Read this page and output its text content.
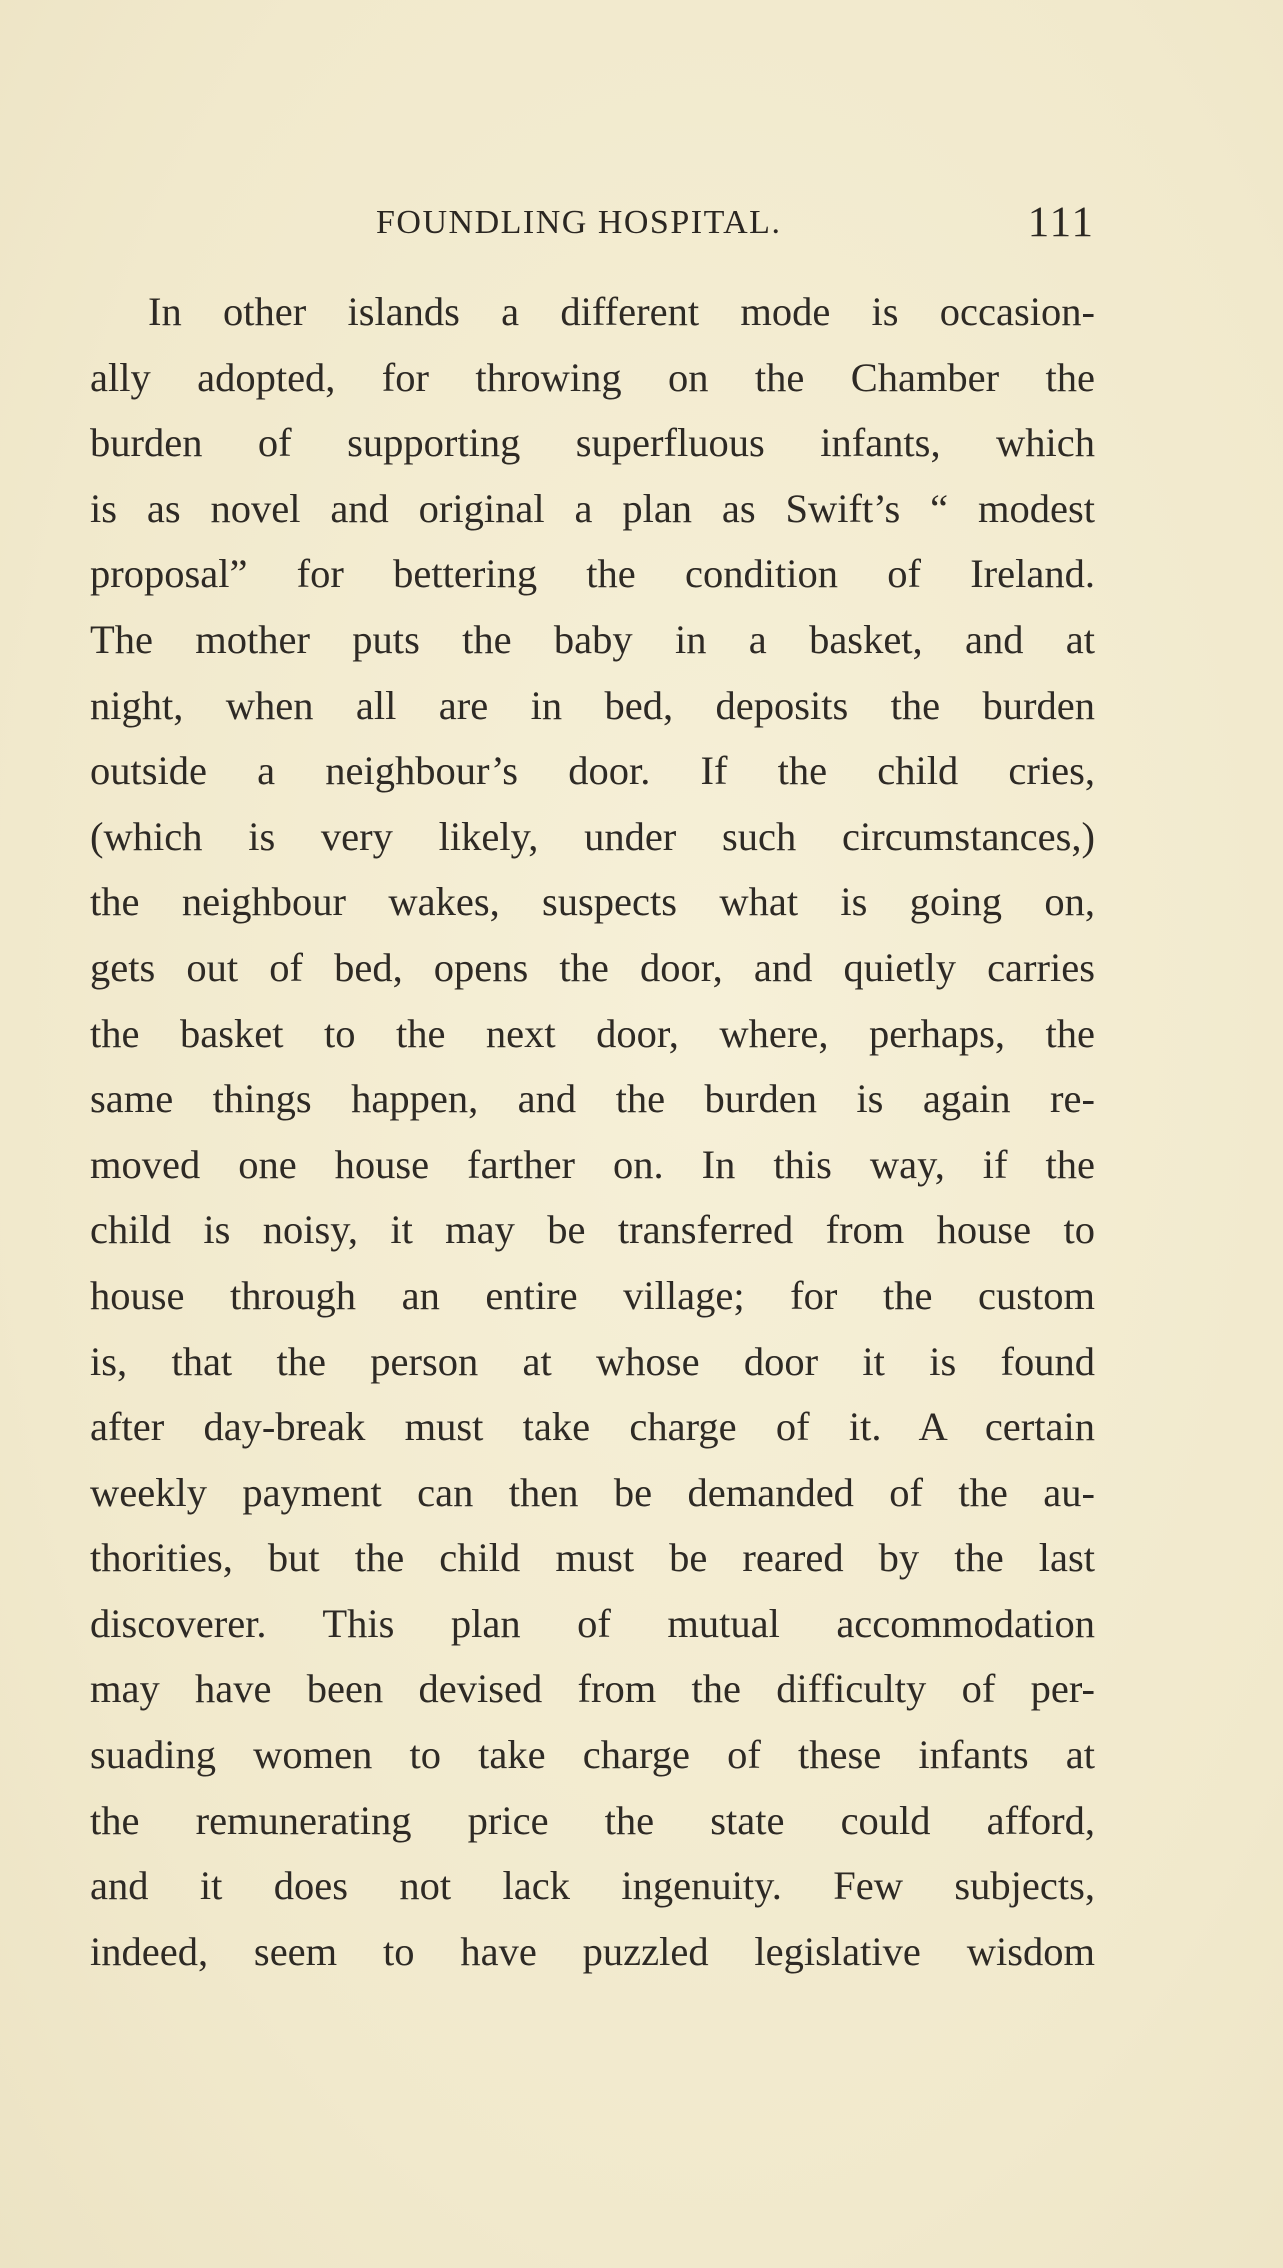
FOUNDLING HOSPITAL.	111
In other islands a different mode is occasion-
ally adopted, for throwing on the Chamber the
burden of supporting superfluous infants, which
is as novel and original a plan as Swift’s “ modest
proposal” for bettering the condition of Ireland.
The mother puts the baby in a basket, and at
night, when all are in bed, deposits the burden
outside a neighbour’s door. If the child cries,
(which is very likely, under such circumstances,)
the neighbour wakes, suspects what is going on,
gets out of bed, opens the door, and quietly carries
the basket to the next door, where, perhaps, the
same things happen, and the burden is again re-
moved one house farther on. In this way, if the
child is noisy, it may be transferred from house to
house through an entire village; for the custom
is, that the person at whose door it is found
after day-break must take charge of it. A certain
weekly payment can then be demanded of the au-
thorities, but the child must be reared by the last
discoverer. This plan of mutual accommodation
may have been devised from the difficulty of per-
suading women to take charge of these infants at
the remunerating price the state could afford,
and it does not lack ingenuity. Few subjects,
indeed, seem to have puzzled legislative wisdom
